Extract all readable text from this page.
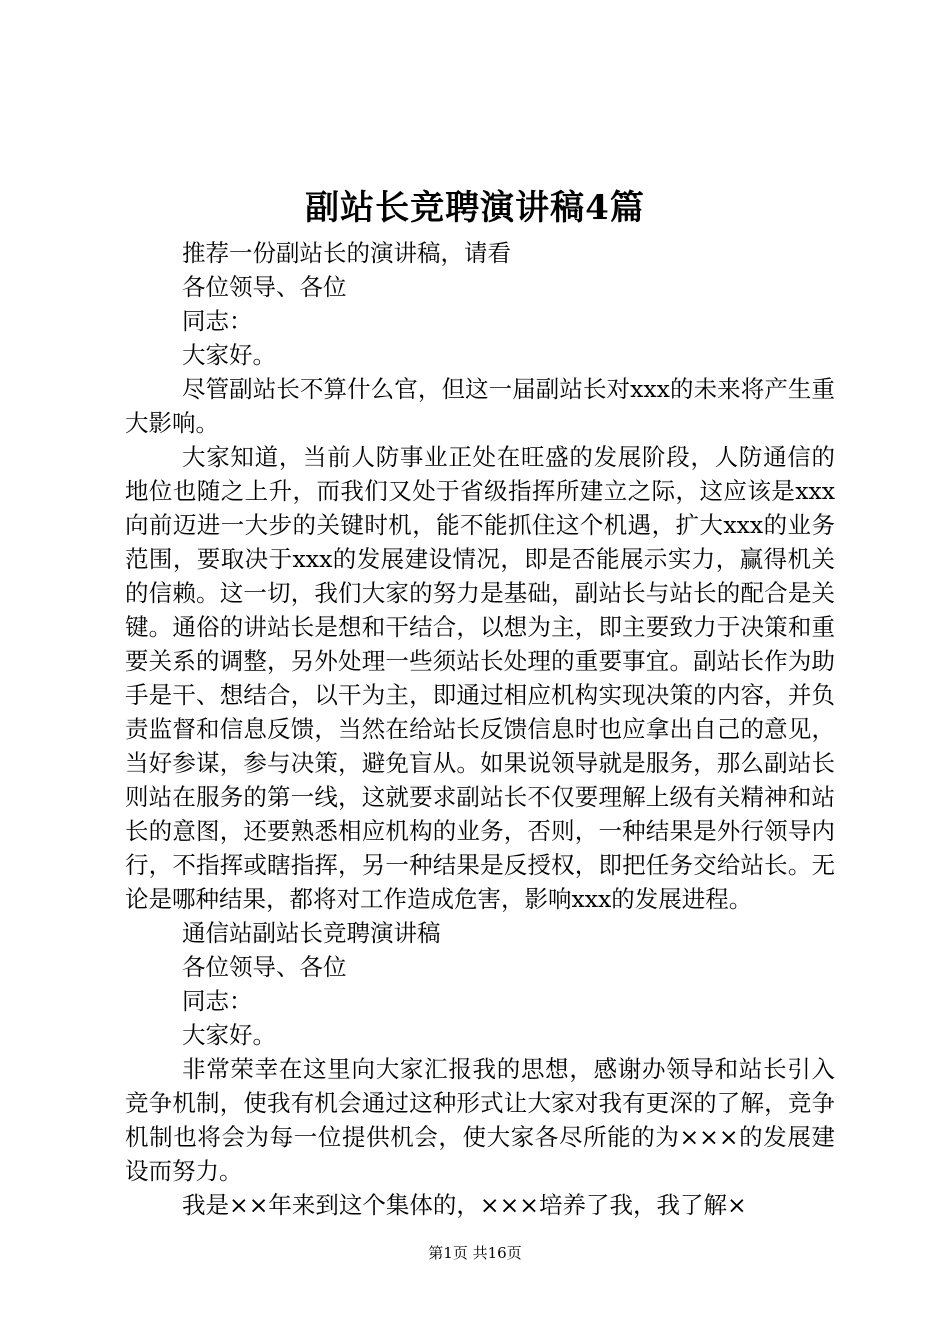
副站长竞聘演讲稿4篇

推荐一份副站长的演讲稿，请看

各位领导、各位

同志：

大家好。

尽管副站长不算什么官，但这一届副站长对xxx的未来将产生重大影响。

大家知道，当前人防事业正处在旺盛的发展阶段，人防通信的地位也随之上升，而我们又处于省级指挥所建立之际，这应该是xxx向前迈进一大步的关键时机，能不能抓住这个机遇，扩大xxx的业务范围，要取决于xxx的发展建设情况，即是否能展示实力，赢得机关的信赖。这一切，我们大家的努力是基础，副站长与站长的配合是关键。通俗的讲站长是想和干结合，以想为主，即主要致力于决策和重要关系的调整，另外处理一些须站长处理的重要事宜。副站长作为助手是干、想结合，以干为主，即通过相应机构实现决策的内容，并负责监督和信息反馈，当然在给站长反馈信息时也应拿出自己的意见，当好参谋，参与决策，避免盲从。如果说领导就是服务，那么副站长则站在服务的第一线，这就要求副站长不仅要理解上级有关精神和站长的意图，还要熟悉相应机构的业务，否则，一种结果是外行领导内行，不指挥或瞎指挥，另一种结果是反授权，即把任务交给站长。无论是哪种结果，都将对工作造成危害，影响xxx的发展进程。

通信站副站长竞聘演讲稿

各位领导、各位

同志：

大家好。

非常荣幸在这里向大家汇报我的思想，感谢办领导和站长引入竞争机制，使我有机会通过这种形式让大家对我有更深的了解，竞争机制也将会为每一位提供机会，使大家各尽所能的为×××的发展建设而努力。

我是××年来到这个集体的，×××培养了我，我了解×

第1页 共16页
